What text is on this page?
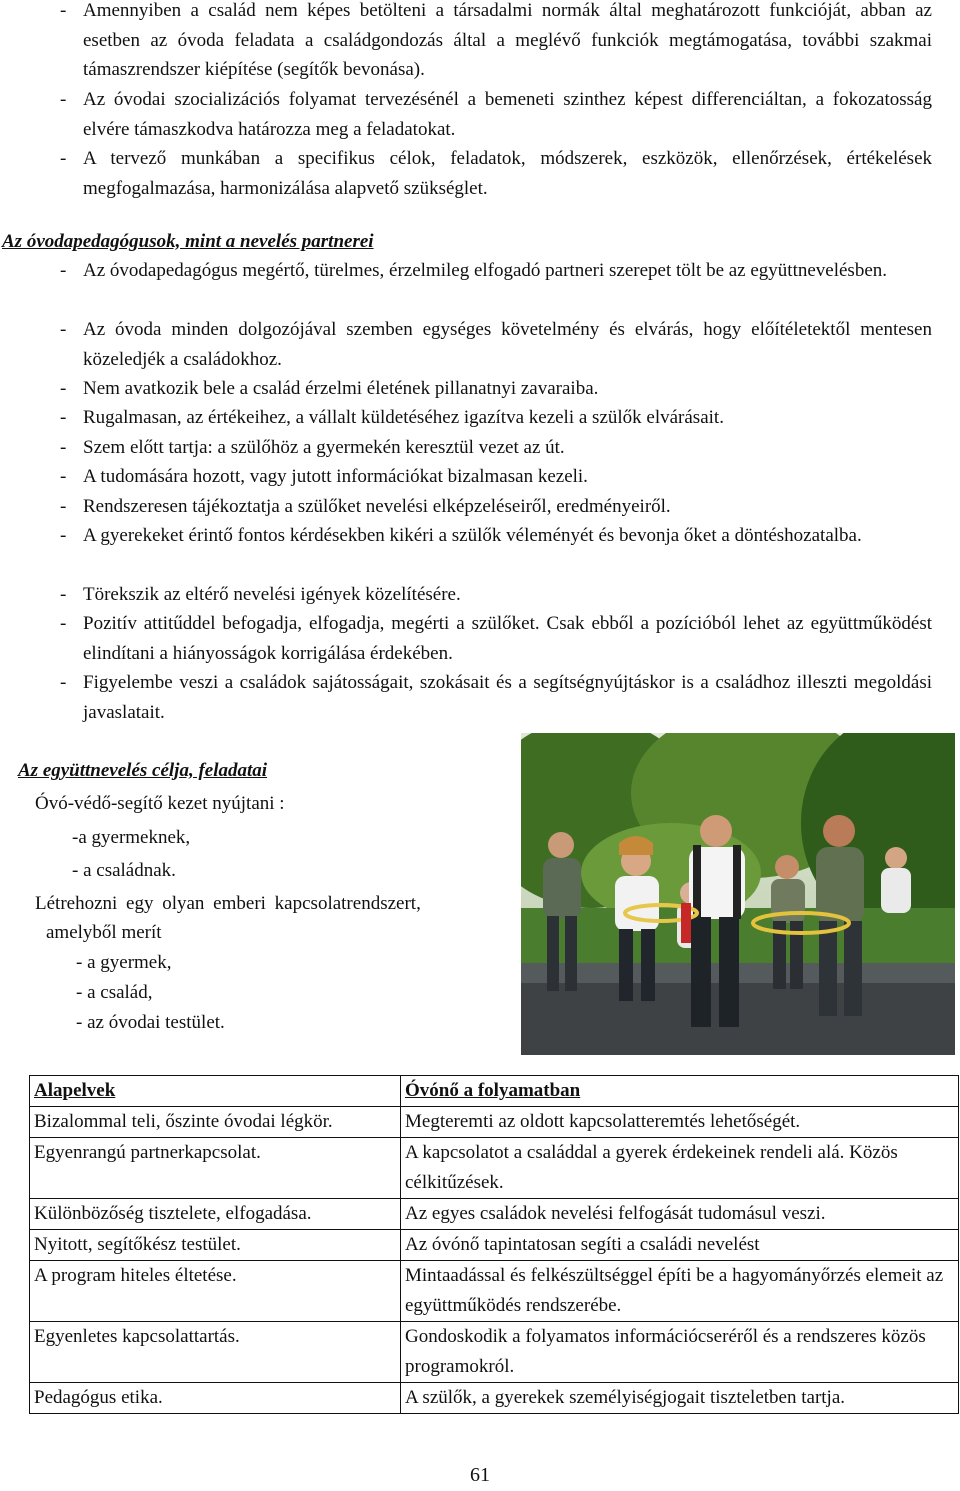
- Amennyiben a család nem képes betölteni a társadalmi normák által meghatározott funkcióját, abban az esetben az óvoda feladata a családgondozás által a meglévő funkciók megtámogatása, további szakmai támaszrendszer kiépítése (segítők bevonása).
- Az óvodai szocializációs folyamat tervezésénél a bemeneti szinthez képest differenciáltan, a fokozatosság elvére támaszkodva határozza meg a feladatokat.
- A tervező munkában a specifikus célok, feladatok, módszerek, eszközök, ellenőrzések, értékelések megfogalmazása, harmonizálása alapvető szükséglet.
Az óvodapedagógusok, mint a nevelés partnerei
- Az óvodapedagógus megértő, türelmes, érzelmileg elfogadó partneri szerepet tölt be az együttnevelésben.
- Az óvoda minden dolgozójával szemben egységes követelmény és elvárás, hogy előítéletektől mentesen közeledjék a családokhoz.
- Nem avatkozik bele a család érzelmi életének pillanatnyi zavaraiba.
- Rugalmasan, az értékeihez, a vállalt küldetéséhez igazítva kezeli a szülők elvárásait.
- Szem előtt tartja: a szülőhöz a gyermekén keresztül vezet az út.
- A tudomására hozott, vagy jutott információkat bizalmasan kezeli.
- Rendszeresen tájékoztatja a szülőket nevelési elképzeléseiről, eredményeiről.
- A gyerekeket érintő fontos kérdésekben kikéri a szülők véleményét és bevonja őket a döntéshozatalba.
- Törekszik az eltérő nevelési igények közelítésére.
- Pozitív attitűddel befogadja, elfogadja, megérti a szülőket. Csak ebből a pozícióból lehet az együttműködést elindítani a hiányosságok korrigálása érdekében.
- Figyelembe veszi a családok sajátosságait, szokásait és a segítségnyújtáskor is a családhoz illeszti megoldási javaslatait.
Az együttnevelés célja, feladatai
Óvó-védő-segítő kezet nyújtani :
-a gyermeknek,
- a családnak.
Létrehozni egy olyan emberi kapcsolatrendszert,
amelyből merít
- a gyermek,
- a család,
- az óvodai testület.
Alapelvek	Óvónő a folyamatban
Bizalommal teli, őszinte óvodai légkör.	Megteremti az oldott kapcsolatteremtés lehetőségét.
Egyenrangú partnerkapcsolat.	A kapcsolatot a családdal a gyerek érdekeinek rendeli alá. Közös célkitűzések.
Különbözőség tisztelete, elfogadása.	Az egyes családok nevelési felfogását tudomásul veszi.
Nyitott, segítőkész testület.	Az óvónő tapintatosan segíti a családi nevelést
A program hiteles éltetése.	Mintaadással és felkészültséggel építi be a hagyományőrzés elemeit az együttműködés rendszerébe.
Egyenletes kapcsolattartás.	Gondoskodik a folyamatos információcseréről és a rendszeres közös programokról.
Pedagógus etika.	A szülők, a gyerekek személyiségjogait tiszteletben tartja.
61
